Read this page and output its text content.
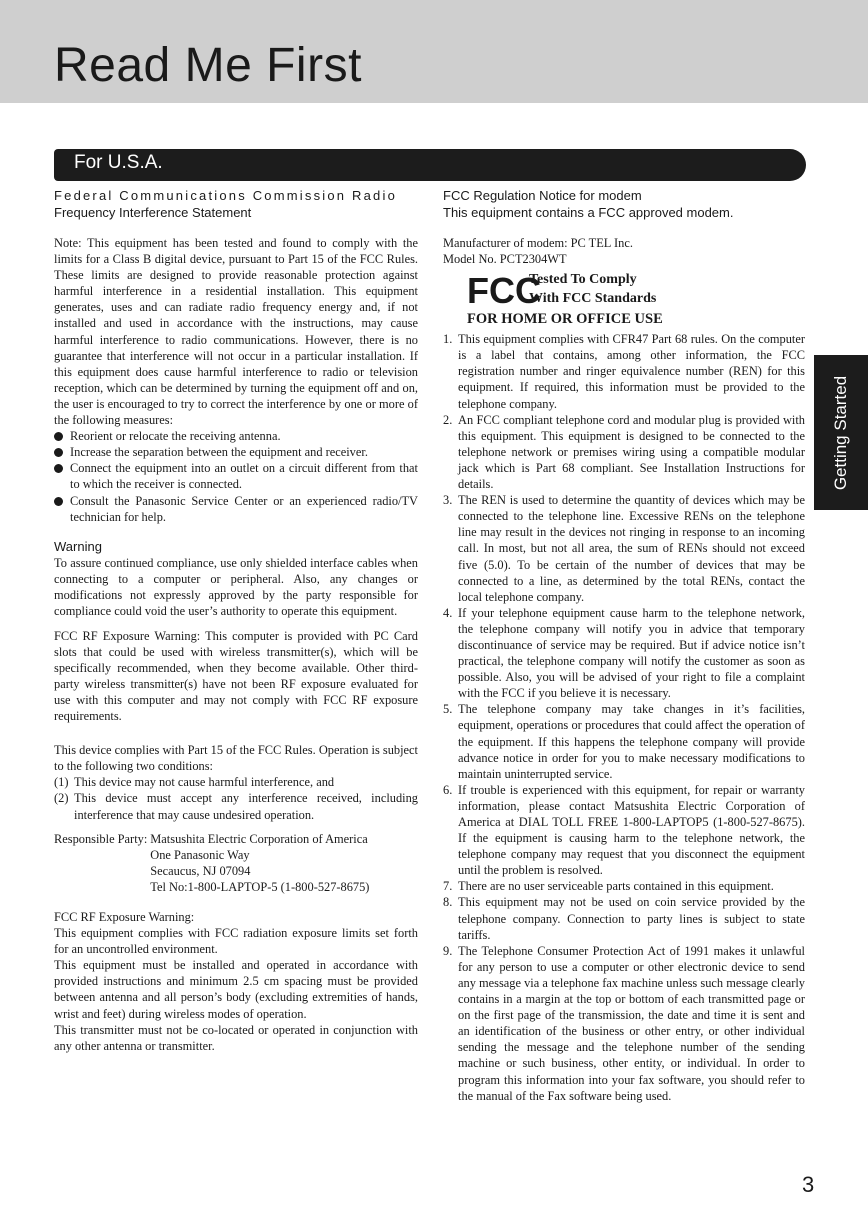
Read Me First
For U.S.A.
Getting Started
Federal Communications Commission Radio
Frequency Interference Statement

Note: This equipment has been tested and found to comply with the limits for a Class B digital device, pursuant to Part 15 of the FCC Rules. These limits are designed to provide reasonable protection against harmful interference in a residential installation. This equipment generates, uses and can radiate radio frequency energy and, if not installed and used in accordance with the instructions, may cause harmful interference to radio communications. However, there is no guarantee that interference will not occur in a particular installation. If this equipment does cause harmful interference to radio or television reception, which can be determined by turning the equipment off and on, the user is encouraged to try to correct the interference by one or more of the following measures:

Reorient or relocate the receiving antenna.
Increase the separation between the equipment and receiver.
Connect the equipment into an outlet on a circuit different from that to which the receiver is connected.
Consult the Panasonic Service Center or an experienced radio/TV technician for help.
Warning

To assure continued compliance, use only shielded interface cables when connecting to a computer or peripheral. Also, any changes or modifications not expressly approved by the party responsible for compliance could void the user’s authority to operate this equipment.

FCC RF Exposure Warning: This computer is provided with PC Card slots that could be used with wireless transmitter(s), which will be specifically recommended, when they become available. Other third-party wireless transmitter(s) have not been RF exposure evaluated for use with this computer and may not comply with FCC RF exposure requirements.

This device complies with Part 15 of the FCC Rules. Operation is subject to the following two conditions:

(1) This device may not cause harmful interference, and
(2) This device must accept any interference received, including interference that may cause undesired operation.
Responsible Party: Matsushita Electric Corporation of America
One Panasonic Way
Secaucus, NJ 07094
Tel No:1-800-LAPTOP-5 (1-800-527-8675)
FCC RF Exposure Warning:

This equipment complies with FCC radiation exposure limits set forth for an uncontrolled environment.

This equipment must be installed and operated in accordance with provided instructions and minimum 2.5 cm spacing must be provided between antenna and all person’s body (excluding extremities of hands, wrist and feet) during wireless modes of operation.

This transmitter must not be co-located or operated in conjunction with any other antenna or transmitter.

FCC Regulation Notice for modem
This equipment contains a FCC approved modem.
Manufacturer of modem: PC TEL Inc.
Model No. PCT2304WT
FCC
Tested To Comply
With FCC Standards
FOR HOME OR OFFICE USE
1. This equipment complies with CFR47 Part 68 rules. On the computer is a label that contains, among other information, the FCC registration number and ringer equivalence number (REN) for this equipment. If required, this information must be provided to the telephone company.
2. An FCC compliant telephone cord and modular plug is provided with this equipment. This equipment is designed to be connected to the telephone network or premises wiring using a compatible modular jack which is Part 68 compliant. See Installation Instructions for details.
3. The REN is used to determine the quantity of devices which may be connected to the telephone line. Excessive RENs on the telephone line may result in the devices not ringing in response to an incoming call. In most, but not all area, the sum of RENs should not exceed five (5.0). To be certain of the number of devices that may be connected to a line, as determined by the total RENs, contact the local telephone company.
4. If your telephone equipment cause harm to the telephone network, the telephone company will notify you in advice that temporary discontinuance of service may be required. But if advice notice isn’t practical, the telephone company will notify the customer as soon as possible. Also, you will be advised of your right to file a complaint with the FCC if you believe it is necessary.
5. The telephone company may take changes in it’s facilities, equipment, operations or procedures that could affect the operation of the equipment. If this happens the telephone company will provide advance notice in order for you to make necessary modifications to maintain uninterrupted service.
6. If trouble is experienced with this equipment, for repair or warranty information, please contact Matsushita Electric Corporation of America at DIAL TOLL FREE 1-800-LAPTOP5 (1-800-527-8675). If the equipment is causing harm to the telephone network, the telephone company may request that you disconnect the equipment until the problem is resolved.
7. There are no user serviceable parts contained in this equipment.
8. This equipment may not be used on coin service provided by the telephone company. Connection to party lines is subject to state tariffs.
9. The Telephone Consumer Protection Act of 1991 makes it unlawful for any person to use a computer or other electronic device to send any message via a telephone fax machine unless such message clearly contains in a margin at the top or bottom of each transmitted page or on the first page of the transmission, the date and time it is sent and an identification of the business or other entry, or other individual sending the message and the telephone number of the sending machine or such business, other entity, or individual. In order to program this information into your fax software, you should refer to the manual of the Fax software being used.
3
